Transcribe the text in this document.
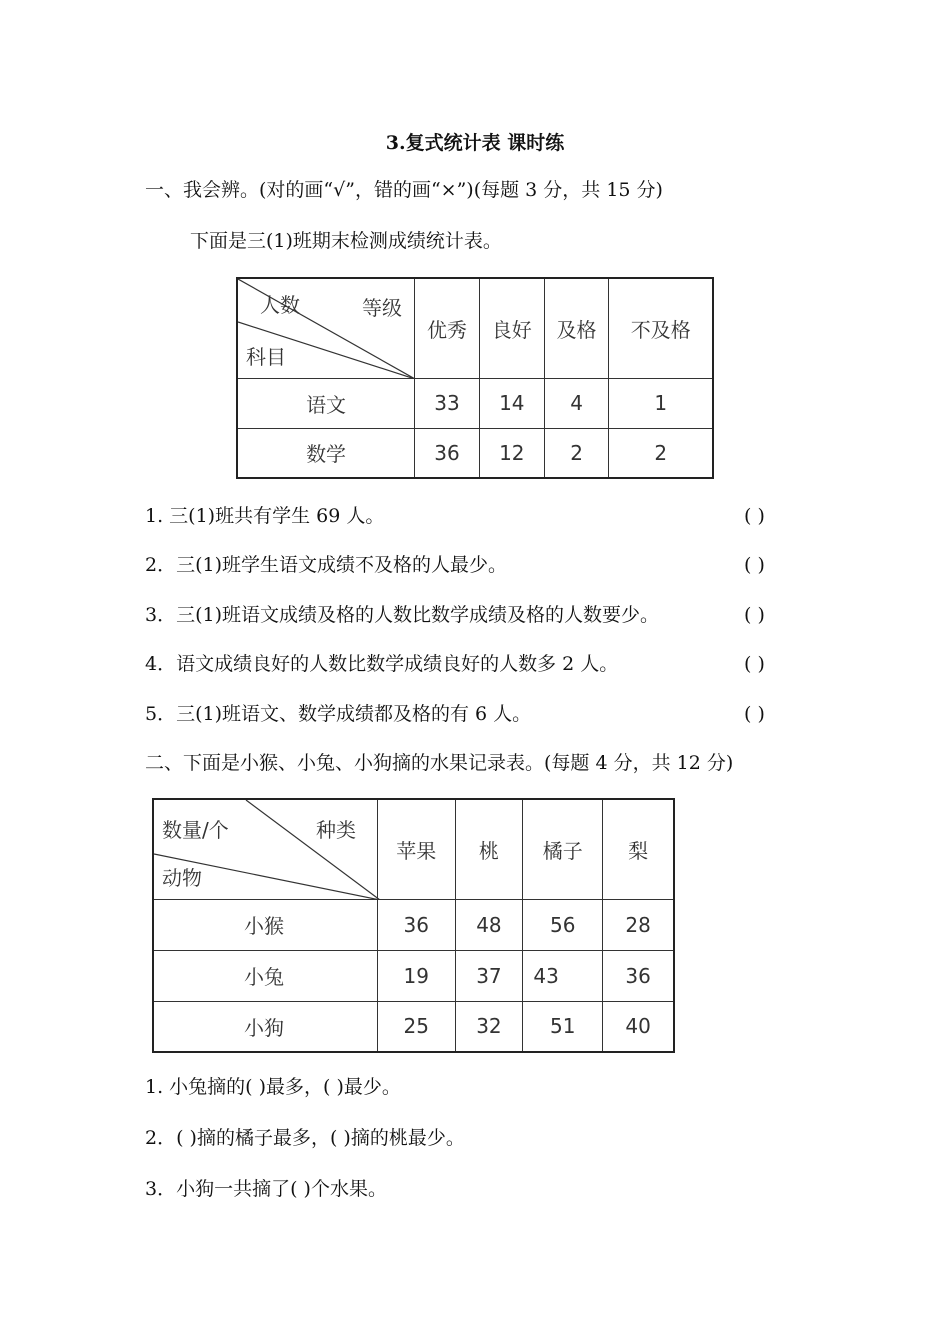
3.复式统计表 课时练
一、我会辨。(对的画“√”，错的画“×”)(每题 3 分，共 15 分)
下面是三(1)班期末检测成绩统计表。
人数 等级
科目	优秀	良好	及格	不及格
语文	33	14	4	1
数学	36	12	2	2
1. 三(1)班共有学生 69 人。	( )
2．三(1)班学生语文成绩不及格的人最少。	( )
3．三(1)班语文成绩及格的人数比数学成绩及格的人数要少。	( )
4．语文成绩良好的人数比数学成绩良好的人数多 2 人。	( )
5．三(1)班语文、数学成绩都及格的有 6 人。	( )
二、下面是小猴、小兔、小狗摘的水果记录表。(每题 4 分，共 12 分)
数量/个 种类
动物	苹果	桃	橘子	梨
小猴	36	48	56	28
小兔	19	37	43	36
小狗	25	32	51	40
1. 小兔摘的( )最多，( )最少。
2．( )摘的橘子最多，( )摘的桃最少。
3．小狗一共摘了( )个水果。
